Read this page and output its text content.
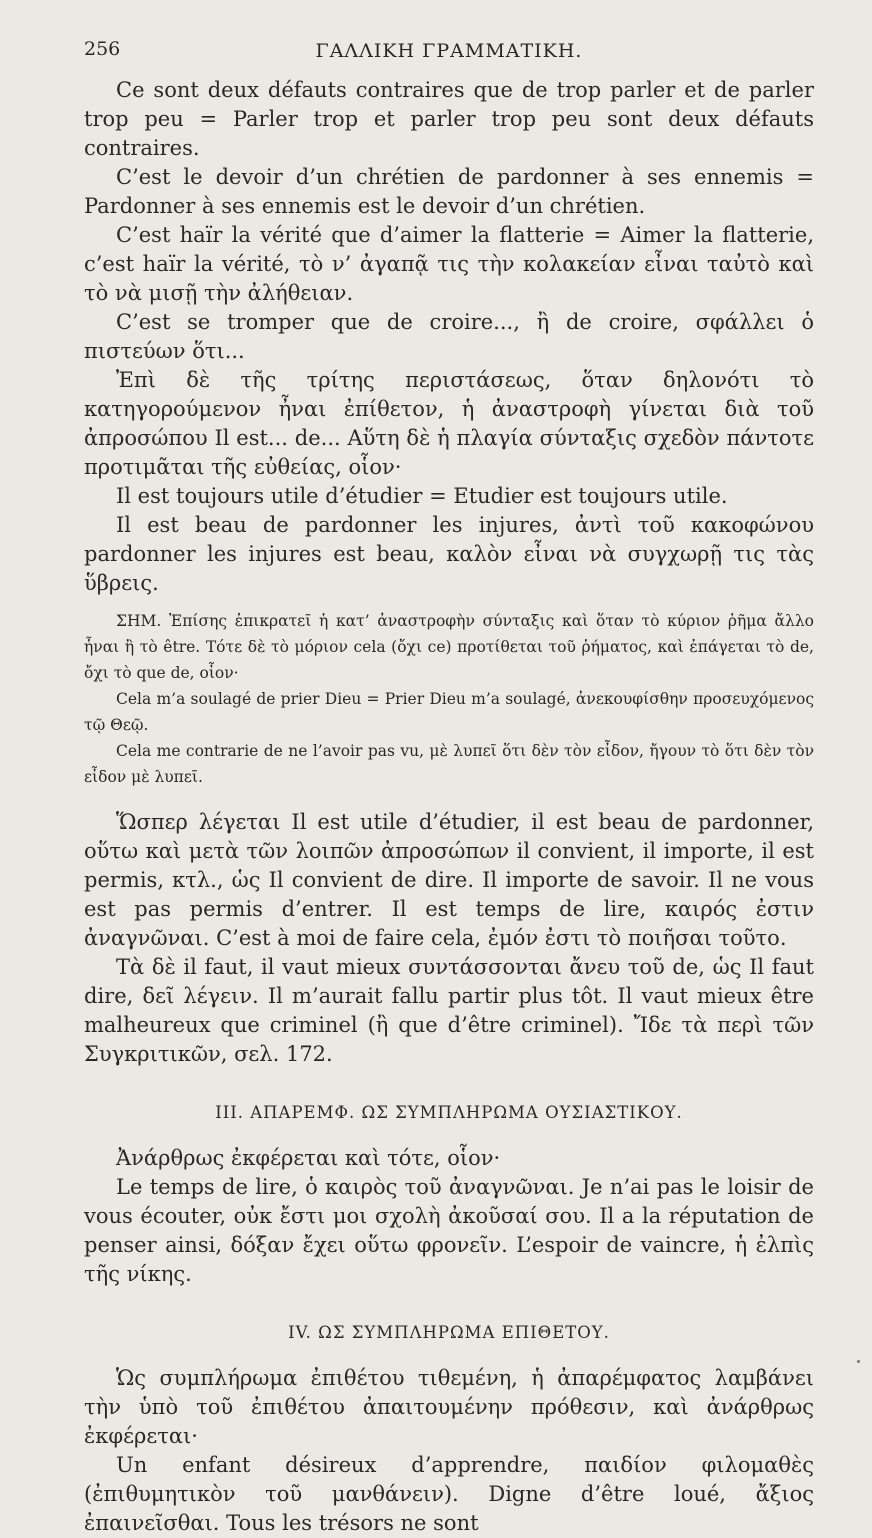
256	ΓΑΛΛΙΚΗ ΓΡΑΜΜΑΤΙΚΗ.

Ce sont deux défauts contraires que de trop parler et de parler trop peu = Parler trop et parler trop peu sont deux défauts contraires.

C’est le devoir d’un chrétien de pardonner à ses ennemis = Pardonner à ses ennemis est le devoir d’un chrétien.

C’est haïr la vérité que d’aimer la flatterie = Aimer la flatterie, c’est haïr la vérité, τὸ ν’ ἀγαπᾷ τις τὴν κολακείαν εἶναι ταὐτὸ καὶ τὸ νὰ μισῇ τὴν ἀλήθειαν.

C’est se tromper que de croire..., ἢ de croire, σφάλλει ὁ πιστεύων ὅτι...

Ἐπὶ δὲ τῆς τρίτης περιστάσεως, ὅταν δηλονότι τὸ κατηγορούμενον ἦναι ἐπίθετον, ἡ ἀναστροφὴ γίνεται διὰ τοῦ ἀπροσώπου Il est... de... Αὕτη δὲ ἡ πλαγία σύνταξις σχεδὸν πάντοτε προτιμᾶται τῆς εὐθείας, οἷον·

Il est toujours utile d’étudier = Etudier est toujours utile.

Il est beau de pardonner les injures, ἀντὶ τοῦ κακοφώνου pardonner les injures est beau, καλὸν εἶναι νὰ συγχωρῇ τις τὰς ὕβρεις.

ΣΗΜ. Ἐπίσης ἐπικρατεῖ ἡ κατ’ ἀναστροφὴν σύνταξις καὶ ὅταν τὸ κύριον ῥῆμα ἄλλο ἦναι ἢ τὸ être. Τότε δὲ τὸ μόριον cela (ὄχι ce) προτίθεται τοῦ ῥήματος, καὶ ἐπάγεται τὸ de, ὄχι τὸ que de, οἷον·

Cela m’a soulagé de prier Dieu = Prier Dieu m’a soulagé, ἀνεκουφίσθην προσευχόμενος τῷ Θεῷ.

Cela me contrarie de ne l’avoir pas vu, μὲ λυπεῖ ὅτι δὲν τὸν εἶδον, ἤγουν τὸ ὅτι δὲν τὸν εἶδον μὲ λυπεῖ.

Ὥσπερ λέγεται Il est utile d’étudier, il est beau de pardonner, οὕτω καὶ μετὰ τῶν λοιπῶν ἀπροσώπων il convient, il importe, il est permis, κτλ., ὡς Il convient de dire. Il importe de savoir. Il ne vous est pas permis d’entrer. Il est temps de lire, καιρός ἐστιν ἀναγνῶναι. C’est à moi de faire cela, ἐμόν ἐστι τὸ ποιῆσαι τοῦτο.

Τὰ δὲ il faut, il vaut mieux συντάσσονται ἄνευ τοῦ de, ὡς Il faut dire, δεῖ λέγειν. Il m’aurait fallu partir plus tôt. Il vaut mieux être malheureux que criminel (ἢ que d’être criminel). Ἴδε τὰ περὶ τῶν Συγκριτικῶν, σελ. 172.

III. ΑΠΑΡΕΜΦ. ΩΣ ΣΥΜΠΛΗΡΩΜΑ ΟΥΣΙΑΣΤΙΚΟΥ.

Ἀνάρθρως ἐκφέρεται καὶ τότε, οἷον·

Le temps de lire, ὁ καιρὸς τοῦ ἀναγνῶναι. Je n’ai pas le loisir de vous écouter, οὐκ ἔστι μοι σχολὴ ἀκοῦσαί σου. Il a la réputation de penser ainsi, δόξαν ἔχει οὕτω φρονεῖν. L’espoir de vaincre, ἡ ἐλπὶς τῆς νίκης.

IV. ΩΣ ΣΥΜΠΛΗΡΩΜΑ ΕΠΙΘΕΤΟΥ.

Ὡς συμπλήρωμα ἐπιθέτου τιθεμένη, ἡ ἀπαρέμφατος λαμβάνει τὴν ὑπὸ τοῦ ἐπιθέτου ἀπαιτουμένην πρόθεσιν, καὶ ἀνάρθρως ἐκφέρεται·

Un enfant désireux d’apprendre, παιδίον φιλομαθὲς (ἐπιθυμητικὸν τοῦ μανθάνειν). Digne d’être loué, ἄξιος ἐπαινεῖσθαι. Tous les trésors ne sont
